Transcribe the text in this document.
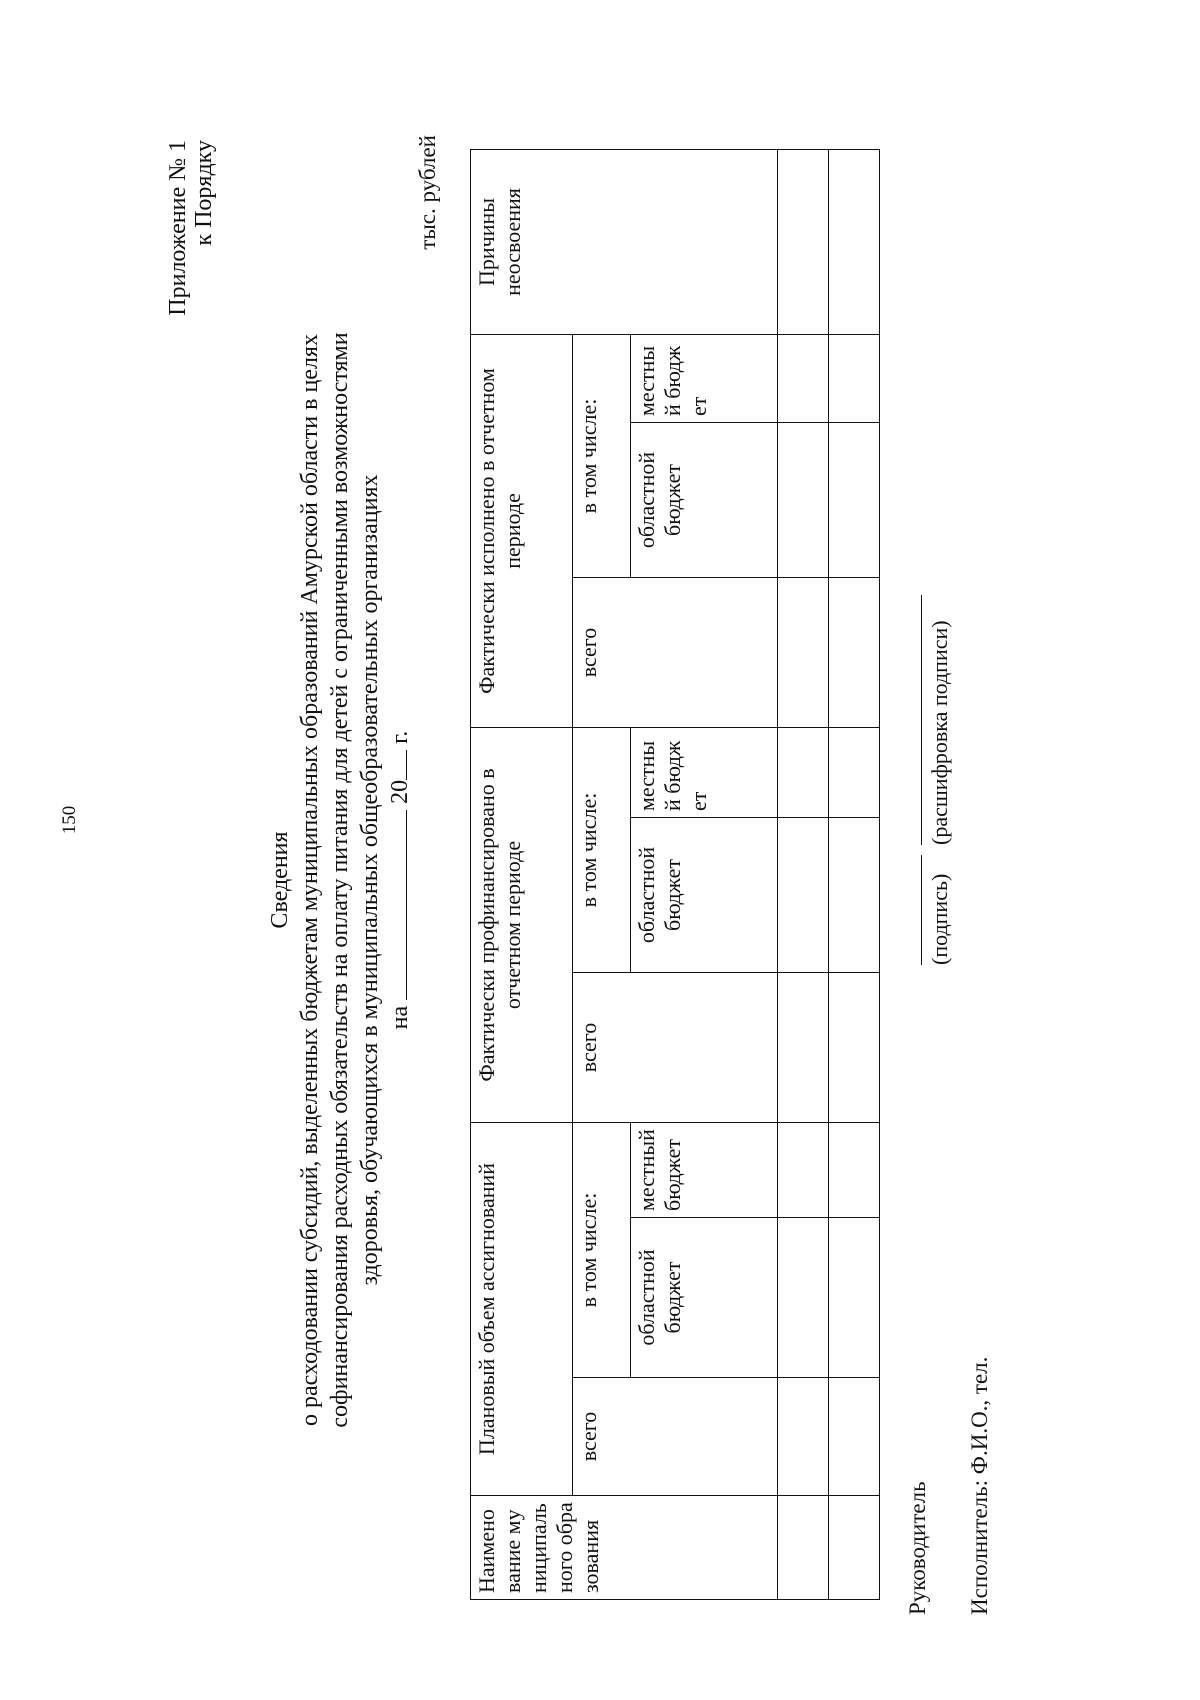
150
Приложение № 1 к Порядку
Сведения о расходовании субсидий, выделенных бюджетам муниципальных образований Амурской области в целях софинансирования расходных обязательств на оплату питания для детей с ограниченными возможностями здоровья, обучающихся в муниципальных общеобразовательных организациях на  20 г.
тыс. рублей
Наименование муниципального образования	Плановый объем ассигнований			Фактически профинансировано в отчетном периоде			Фактически исполнено в отчетном периоде			Причины неосвоения
	всего	в том числе:		всего	в том числе:		всего	в том числе:		
		областной бюджет	местный бюджет		областной бюджет	местный бюджет		областной бюджет	местный бюджет	

Руководитель
(подпись)
(расшифровка подписи)
Исполнитель: Ф.И.О., тел.
